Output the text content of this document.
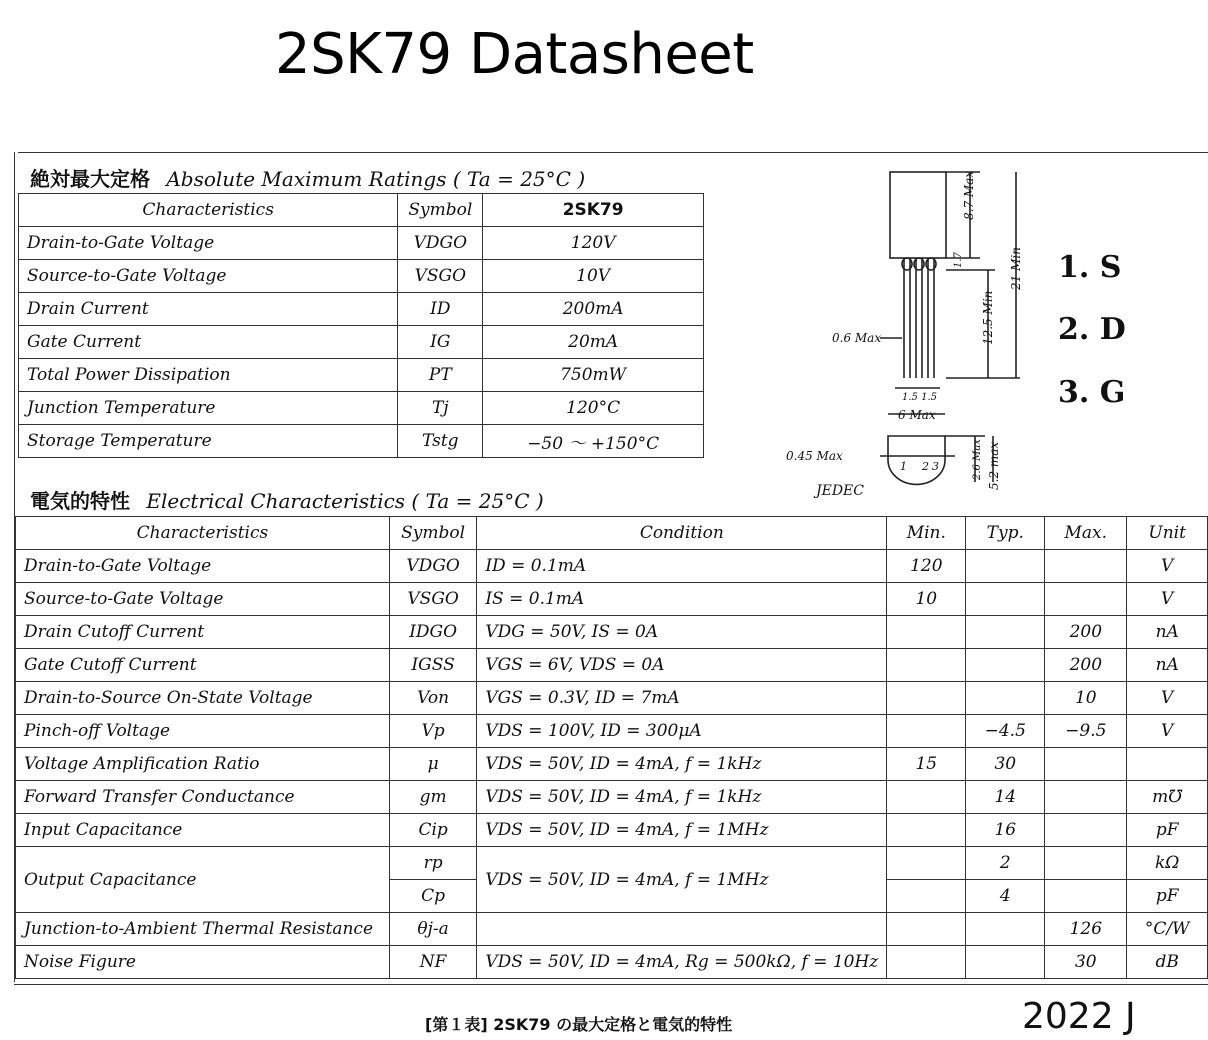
2SK79 Datasheet
絶対最大定格 Absolute Maximum Ratings ( Ta = 25°C )
Characteristics	Symbol	2SK79
Drain-to-Gate Voltage	VDGO	120V
Source-to-Gate Voltage	VSGO	10V
Drain Current	ID	200mA
Gate Current	IG	20mA
Total Power Dissipation	PT	750mW
Junction Temperature	Tj	120°C
Storage Temperature	Tstg	−50 〜 +150°C
8.7 Max
1.7
12.5 Min
21 Min
0.6 Max
1.5 1.5
6 Max
0.45 Max	2.6 Max 5.2 max
1 2 3
JEDEC
1. S
2. D
3. G
電気的特性 Electrical Characteristics ( Ta = 25°C )
Characteristics	Symbol	Condition	Min.	Typ.	Max.	Unit
Drain-to-Gate Voltage	VDGO	ID = 0.1mA	120			V
Source-to-Gate Voltage	VSGO	IS = 0.1mA	10			V
Drain Cutoff Current	IDGO	VDG = 50V, IS = 0A			200	nA
Gate Cutoff Current	IGSS	VGS = 6V, VDS = 0A			200	nA
Drain-to-Source On-State Voltage	Von	VGS = 0.3V, ID = 7mA			10	V
Pinch-off Voltage	Vp	VDS = 100V, ID = 300μA		−4.5	−9.5	V
Voltage Amplification Ratio	μ	VDS = 50V, ID = 4mA, f = 1kHz	15	30		
Forward Transfer Conductance	gm	VDS = 50V, ID = 4mA, f = 1kHz		14		m℧
Input Capacitance	Cip	VDS = 50V, ID = 4mA, f = 1MHz		16		pF
Output Capacitance	rp	VDS = 50V, ID = 4mA, f = 1MHz		2		kΩ
	Cp			4		pF
Junction-to-Ambient Thermal Resistance	θj-a				126	°C/W
Noise Figure	NF	VDS = 50V, ID = 4mA, Rg = 500kΩ, f = 10Hz			30	dB
[第１表] 2SK79 の最大定格と電気的特性	2022 J
